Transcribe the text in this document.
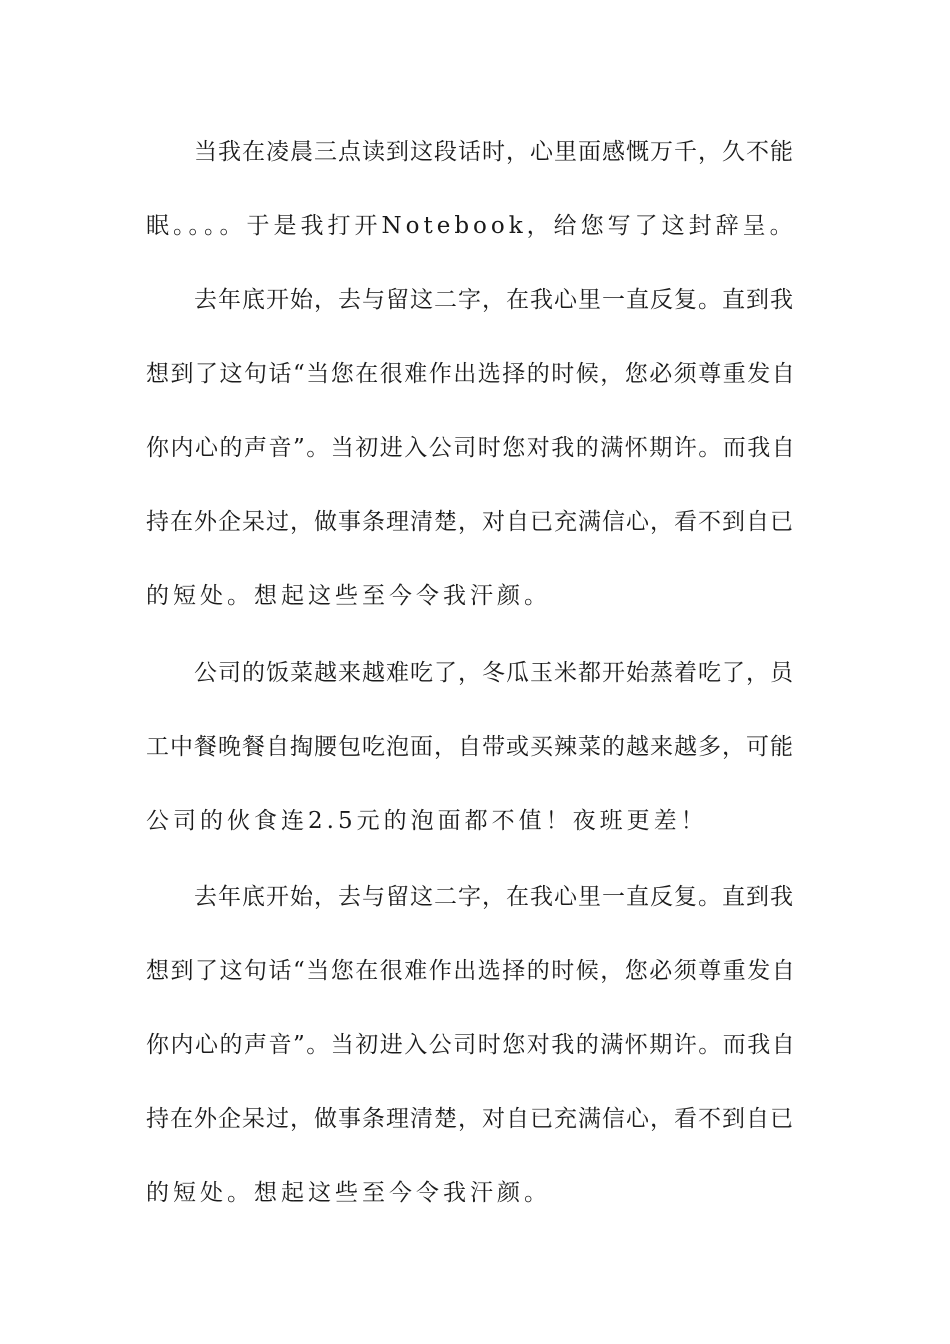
当我在凌晨三点读到这段话时，心里面感慨万千，久不能
眠。。。。于是我打开Notebook，给您写了这封辞呈。
去年底开始，去与留这二字，在我心里一直反复。直到我
想到了这句话“当您在很难作出选择的时候，您必须尊重发自
你内心的声音”。当初进入公司时您对我的满怀期许。而我自
持在外企呆过，做事条理清楚，对自已充满信心，看不到自已
的短处。想起这些至今令我汗颜。
公司的饭菜越来越难吃了，冬瓜玉米都开始蒸着吃了，员
工中餐晚餐自掏腰包吃泡面，自带或买辣菜的越来越多，可能
公司的伙食连2.5元的泡面都不值！夜班更差！
去年底开始，去与留这二字，在我心里一直反复。直到我
想到了这句话“当您在很难作出选择的时候，您必须尊重发自
你内心的声音”。当初进入公司时您对我的满怀期许。而我自
持在外企呆过，做事条理清楚，对自已充满信心，看不到自已
的短处。想起这些至今令我汗颜。
